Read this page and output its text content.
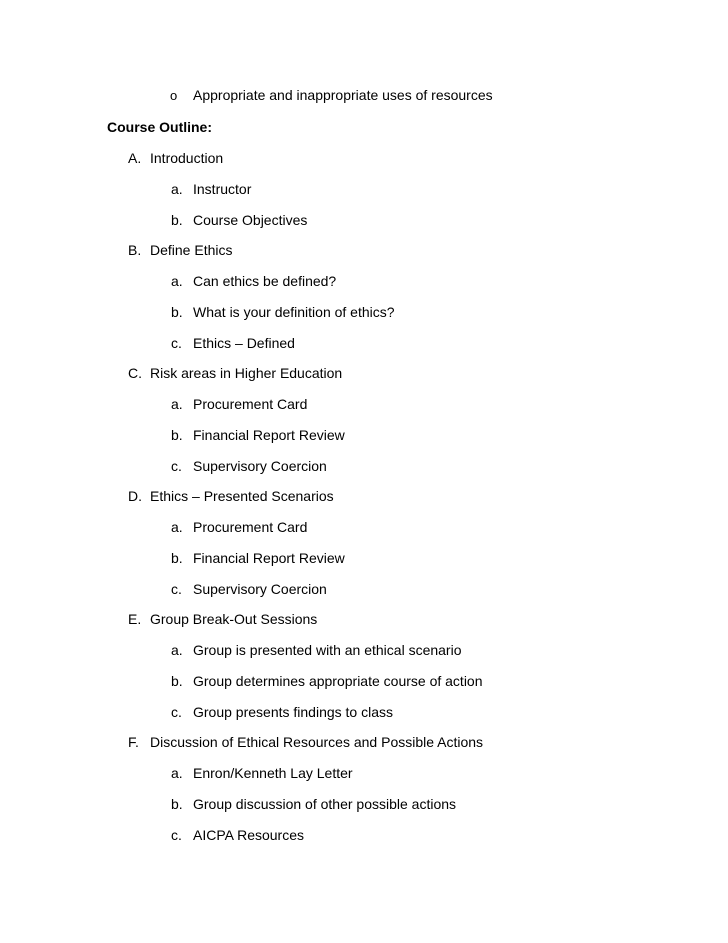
o Appropriate and inappropriate uses of resources
Course Outline:
A. Introduction
a. Instructor
b. Course Objectives
B. Define Ethics
a. Can ethics be defined?
b. What is your definition of ethics?
c. Ethics – Defined
C. Risk areas in Higher Education
a. Procurement Card
b. Financial Report Review
c. Supervisory Coercion
D. Ethics – Presented Scenarios
a. Procurement Card
b. Financial Report Review
c. Supervisory Coercion
E. Group Break-Out Sessions
a. Group is presented with an ethical scenario
b. Group determines appropriate course of action
c. Group presents findings to class
F. Discussion of Ethical Resources and Possible Actions
a. Enron/Kenneth Lay Letter
b. Group discussion of other possible actions
c. AICPA Resources
